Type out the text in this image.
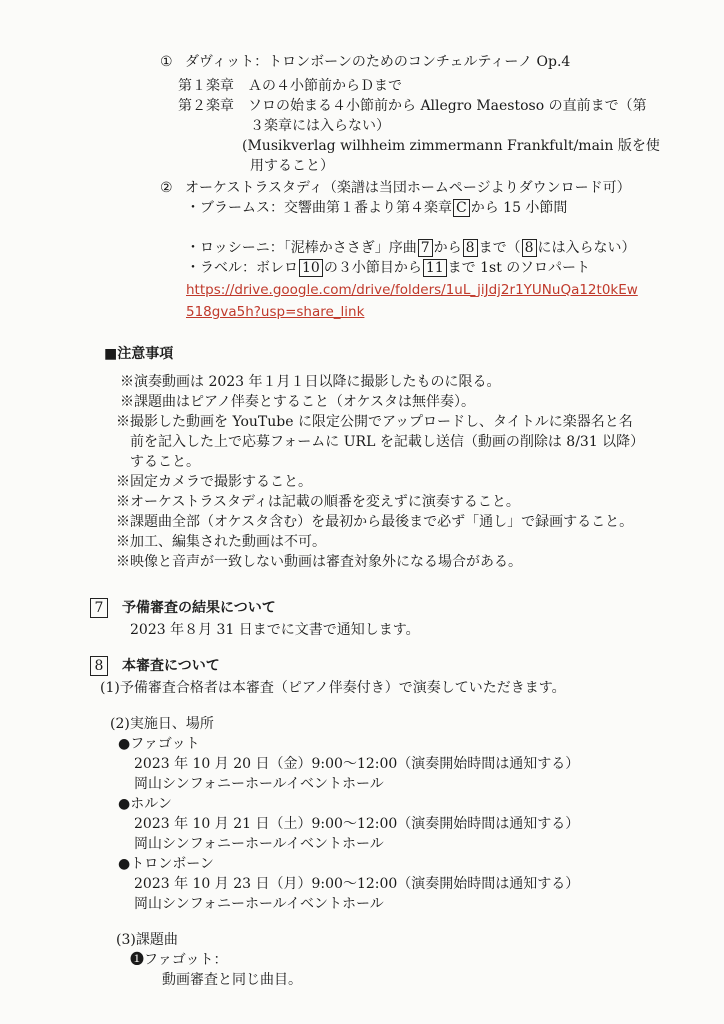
① ダヴィット：トロンボーンのためのコンチェルティーノ Op.4
第１楽章　Ａの４小節前からＤまで
第２楽章　ソロの始まる４小節前から Allegro Maestoso の直前まで（第
３楽章には入らない）
(Musikverlag wilhheim zimmermann Frankfult/main 版を使
用すること）
② オーケストラスタディ（楽譜は当団ホームページよりダウンロード可）
・ブラームス：交響曲第１番より第４楽章 C から 15 小節間
・ロッシーニ：「泥棒かささぎ」序曲 7 から 8 まで（ 8 には入らない）
・ラベル：ボレロ 10 の３小節目から 11 まで 1st のソロパート
https://drive.google.com/drive/folders/1uL_jiJdj2r1YUNuQa12t0kEw
518gva5h?usp=share_link
■注意事項
※演奏動画は 2023 年１月１日以降に撮影したものに限る。
※課題曲はピアノ伴奏とすること（オケスタは無伴奏）。
※撮影した動画を YouTube に限定公開でアップロードし、タイトルに楽器名と名
前を記入した上で応募フォームに URL を記載し送信（動画の削除は 8/31 以降）
すること。
※固定カメラで撮影すること。
※オーケストラスタディは記載の順番を変えずに演奏すること。
※課題曲全部（オケスタ含む）を最初から最後まで必ず「通し」で録画すること。
※加工、編集された動画は不可。
※映像と音声が一致しない動画は審査対象外になる場合がある。
7 予備審査の結果について
2023 年８月 31 日までに文書で通知します。
8 本審査について
(1)予備審査合格者は本審査（ピアノ伴奏付き）で演奏していただきます。
(2)実施日、場所
●ファゴット
2023 年 10 月 20 日（金）9:00～12:00（演奏開始時間は通知する）
岡山シンフォニーホールイベントホール
●ホルン
2023 年 10 月 21 日（土）9:00～12:00（演奏開始時間は通知する）
岡山シンフォニーホールイベントホール
●トロンボーン
2023 年 10 月 23 日（月）9:00～12:00（演奏開始時間は通知する）
岡山シンフォニーホールイベントホール
(3)課題曲
❶ファゴット：
動画審査と同じ曲目。
